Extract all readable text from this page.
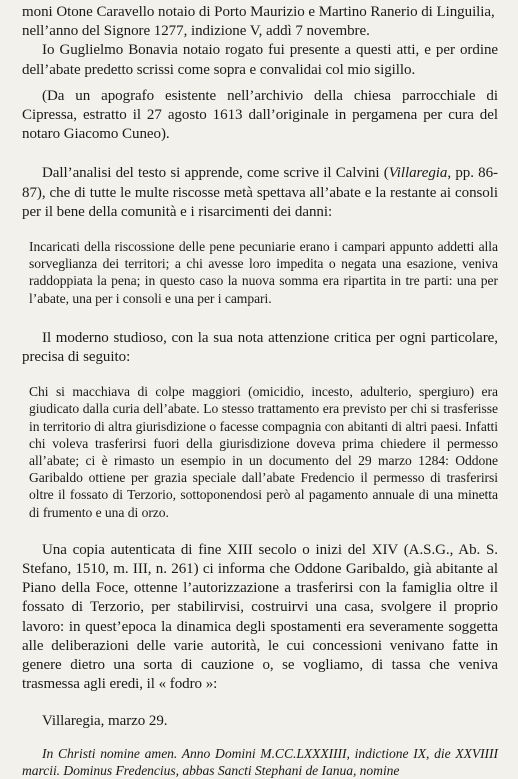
moni Otone Caravello notaio di Porto Maurizio e Martino Ranerio di Linguilia,
nell’anno del Signore 1277, indizione V, addì 7 novembre.

Io Guglielmo Bonavia notaio rogato fui presente a questi atti, e per ordine dell’abate predetto scrissi come sopra e convalidai col mio sigillo.

(Da un apografo esistente nell’archivio della chiesa parrocchiale di Cipressa, estratto il 27 agosto 1613 dall’originale in pergamena per cura del notaro Giacomo Cuneo).

Dall’analisi del testo si apprende, come scrive il Calvini (Villaregia, pp. 86-87), che di tutte le multe riscosse metà spettava all’abate e la restante ai consoli per il bene della comunità e i risarcimenti dei danni:

Incaricati della riscossione delle pene pecuniarie erano i campari appunto addetti alla sorveglianza dei territori; a chi avesse loro impedita o negata una esazione, veniva raddoppiata la pena; in questo caso la nuova somma era ripartita in tre parti: una per l’abate, una per i consoli e una per i campari.

Il moderno studioso, con la sua nota attenzione critica per ogni particolare, precisa di seguito:

Chi si macchiava di colpe maggiori (omicidio, incesto, adulterio, spergiuro) era giudicato dalla curia dell’abate. Lo stesso trattamento era previsto per chi si trasferisse in territorio di altra giurisdizione o facesse compagnia con abitanti di altri paesi. Infatti chi voleva trasferirsi fuori della giurisdizione doveva prima chiedere il permesso all’abate; ci è rimasto un esempio in un documento del 29 marzo 1284: Oddone Garibaldo ottiene per grazia speciale dall’abate Fredencio il permesso di trasferirsi oltre il fossato di Terzorio, sottoponendosi però al pagamento annuale di una minetta di frumento e una di orzo.

Una copia autenticata di fine XIII secolo o inizi del XIV (A.S.G., Ab. S. Stefano, 1510, m. III, n. 261) ci informa che Oddone Garibaldo, già abitante al Piano della Foce, ottenne l’autorizzazione a trasferirsi con la famiglia oltre il fossato di Terzorio, per stabilirvisi, costruirvi una casa, svolgere il proprio lavoro: in quest’epoca la dinamica degli spostamenti era severamente soggetta alle deliberazioni delle varie autorità, le cui concessioni venivano fatte in genere dietro una sorta di cauzione o, se vogliamo, di tassa che veniva trasmessa agli eredi, il « fodro »:

Villaregia, marzo 29.

In Christi nomine amen. Anno Domini M.CC.LXXXIIII, indictione IX, die XXVIIII marcii. Dominus Fredencius, abbas Sancti Stephani de Ianua, nomine
